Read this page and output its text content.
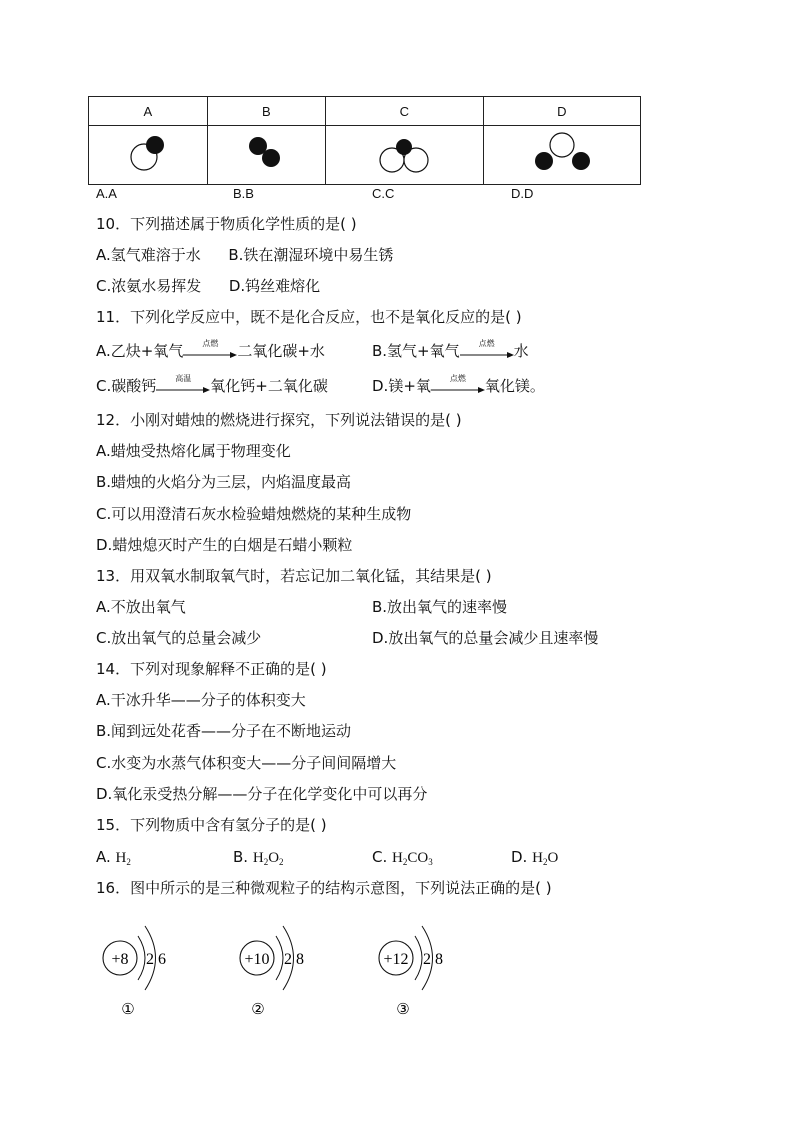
A	B	C	D

A.A	B.B	C.C	D.D
10．下列描述属于物质化学性质的是( )
A.氢气难溶于水 B.铁在潮湿环境中易生锈
C.浓氨水易挥发 D.钨丝难熔化
11．下列化学反应中，既不是化合反应，也不是氧化反应的是( )
A.乙炔+氧气	点燃	二氧化碳+水	B.氢气+氧气	点燃	水
C.碳酸钙	高温	氧化钙+二氧化碳	D.镁+氧	点燃	氧化镁。
12．小刚对蜡烛的燃烧进行探究，下列说法错误的是( )
A.蜡烛受热熔化属于物理变化
B.蜡烛的火焰分为三层，内焰温度最高
C.可以用澄清石灰水检验蜡烛燃烧的某种生成物
D.蜡烛熄灭时产生的白烟是石蜡小颗粒
13．用双氧水制取氧气时，若忘记加二氧化锰，其结果是( )
A.不放出氧气	B.放出氧气的速率慢
C.放出氧气的总量会减少	D.放出氧气的总量会减少且速率慢
14．下列对现象解释不正确的是( )
A.干冰升华——分子的体积变大
B.闻到远处花香——分子在不断地运动
C.水变为水蒸气体积变大——分子间间隔增大
D.氧化汞受热分解——分子在化学变化中可以再分
15．下列物质中含有氢分子的是( )
A. $H_2$	B. $H_2O_2$	C. $H_2CO_3$	D. $H_2O$
16．图中所示的是三种微观粒子的结构示意图，下列说法正确的是( )
+8 2 6
①
+10 2 8
②
+12 2 8
③
